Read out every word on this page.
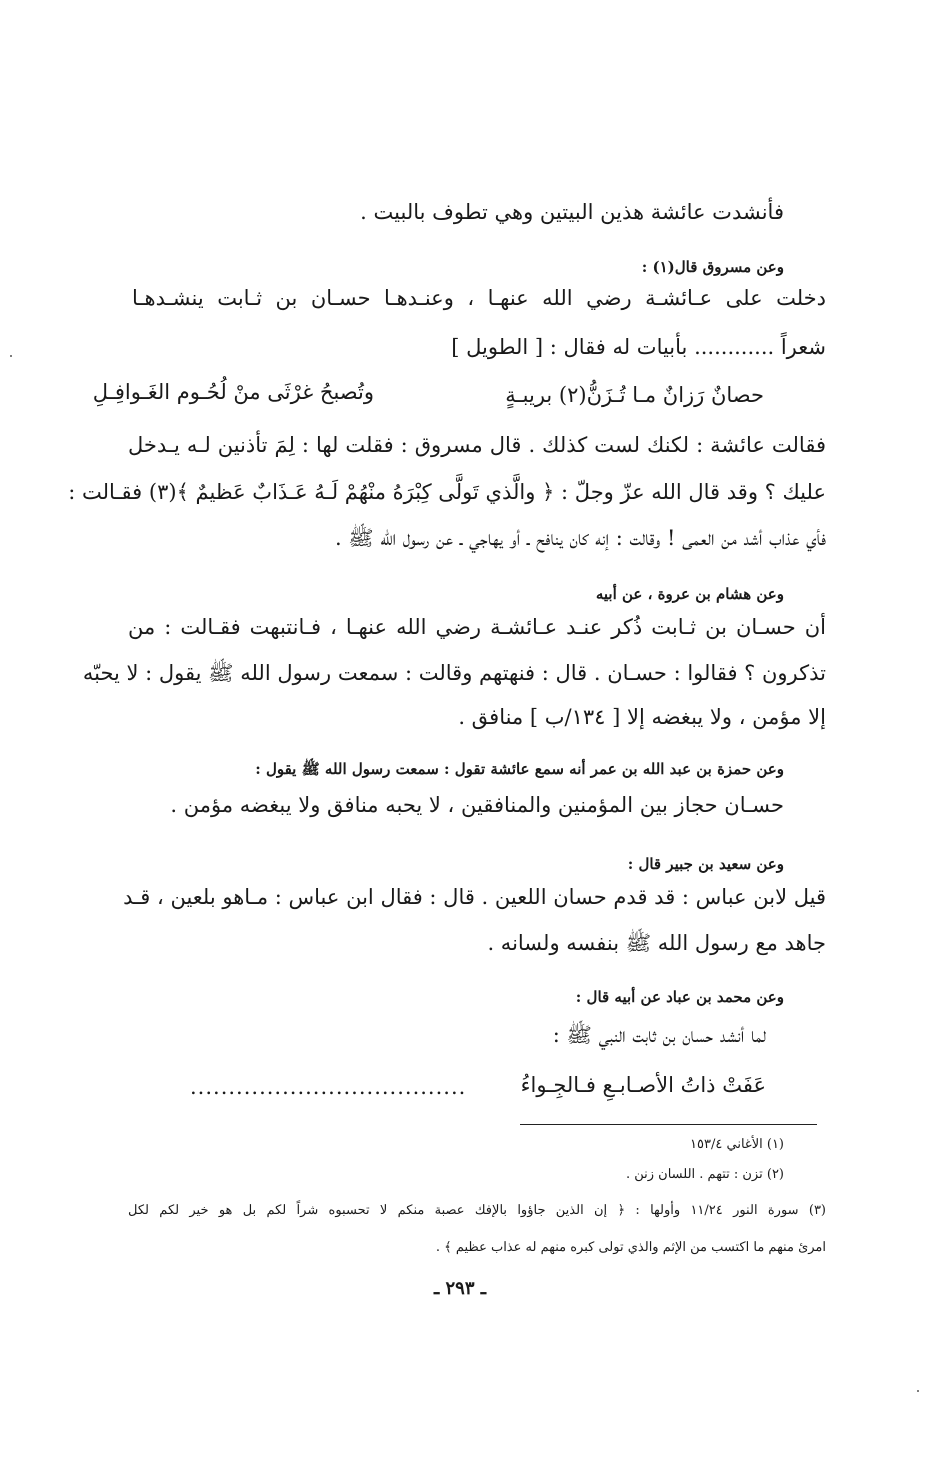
فأنشدت عائشة هذين البيتين وهي تطوف بالبيت .
وعن مسروق قال(١) :
دخلت على عـائشـة رضي الله عنهـا ، وعنـدهـا حسـان بن ثـابت ينشـدهـا
شعراً ............ بأبيات له فقال : [ الطويل ]
حصانٌ رَزانٌ مـا تُـزَنُّ(٢) بريبـةٍ
وتُصبحُ غرْثَى منْ لُحُـوم الغَـوافِـلِ
فقالت عائشة : لكنك لست كذلك . قال مسروق : فقلت لها : لِمَ تأذنين لـه يـدخل
عليك ؟ وقد قال الله عزّ وجلّ : ﴿ والَّذي تَولَّى كِبْرَهُ منْهُمْ لَـهُ عَـذَابٌ عَظيمٌ ﴾(٣) فقـالت :
فأي عذاب أشد من العمى ! وقالت : إنه كان ينافح ـ أو يهاجي ـ عن رسول الله ﷺ .
وعن هشام بن عروة ، عن أبيه
أن حسـان بن ثـابت ذُكر عنـد عـائشـة رضي الله عنهـا ، فـانتبهت فقـالت : من
تذكرون ؟ فقالوا : حسـان . قال : فنهتهم وقالت : سمعت رسول الله ﷺ يقول : لا يحبّه
إلا مؤمن ، ولا يبغضه إلا [ ١٣٤/ب ] منافق .
وعن حمزة بن عبد الله بن عمر أنه سمع عائشة تقول : سمعت رسول الله ﷺ يقول :
حسـان حجاز بين المؤمنين والمنافقين ، لا يحبه منافق ولا يبغضه مؤمن .
وعن سعيد بن جبير قال :
قيل لابن عباس : قد قدم حسان اللعين . قال : فقال ابن عباس : مـاهو بلعين ، قـد
جاهد مع رسول الله ﷺ بنفسه ولسانه .
وعن محمد بن عباد عن أبيه قال :
لما أنشد حسان بن ثابت النبي ﷺ :
عَفَتْ ذاتُ الأصـابـعِ فـالجِـواءُ
....................................
(١) الأغاني ١٥٣/٤
(٢) تزن : تتهم . اللسان زنن .
(٣) سورة النور ١١/٢٤ وأولها : ﴿ إن الذين جاؤوا بالإفك عصبة منكم لا تحسبوه شراً لكم بل هو خير لكم لكل
امرئ منهم ما اكتسب من الإثم والذي تولى كبره منهم له عذاب عظيم ﴾ .
ـ ٢٩٣ ـ
